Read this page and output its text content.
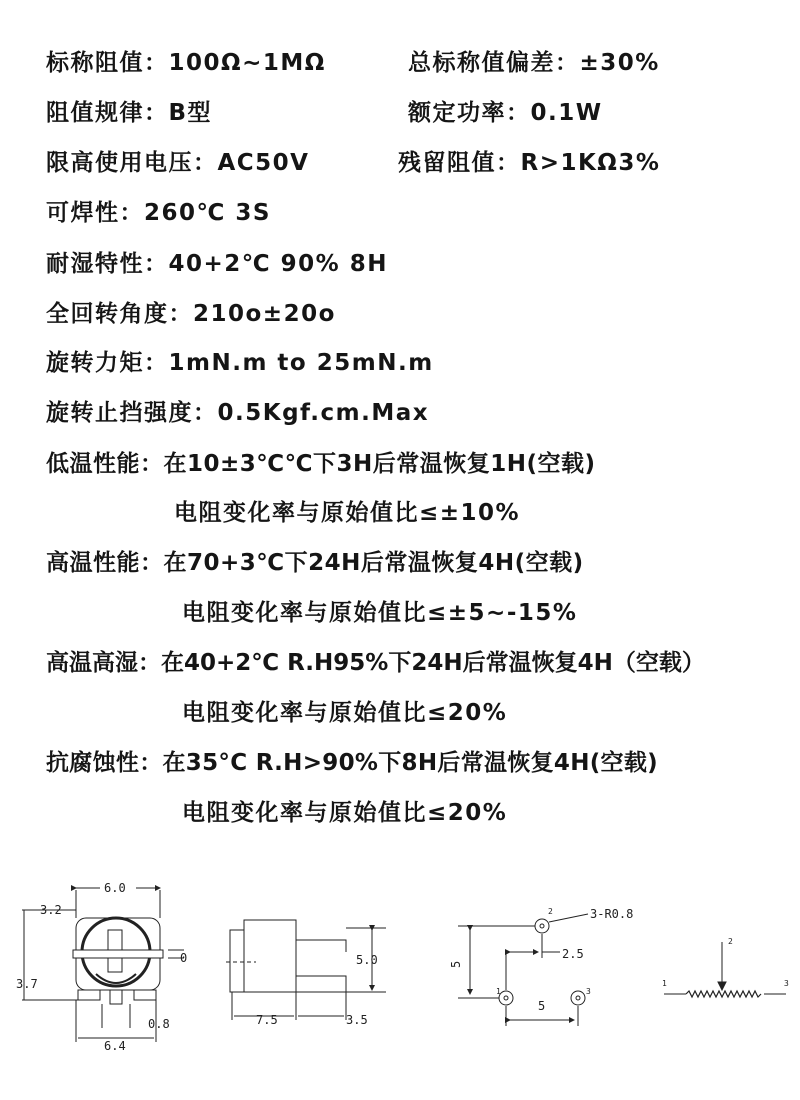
标称阻值：100Ω~1MΩ	总标称值偏差：±30%
阻值规律：B型	额定功率：0.1W
限高使用电压：AC50V	残留阻值：R>1KΩ3%
可焊性：260℃ 3S
耐湿特性：40+2℃ 90% 8H
全回转角度：210o±20o
旋转力矩：1mN.m to 25mN.m
旋转止挡强度：0.5Kgf.cm.Max
低温性能：在10±3℃℃下3H后常温恢复1H(空载)
电阻变化率与原始值比≤±10%
高温性能：在70+3℃下24H后常温恢复4H(空载)
电阻变化率与原始值比≤±5~-15%
高温高湿：在40+2℃ R.H95%下24H后常温恢复4H（空载）
电阻变化率与原始值比≤20%
抗腐蚀性：在35°C R.H>90%下8H后常温恢复4H(空载)
电阻变化率与原始值比≤20%
6.0
3.2
3.7
0
0.8
6.4
5.0
7.5	3.5
3-R0.8
5
2.5
5
2
1	3
1
2
3
